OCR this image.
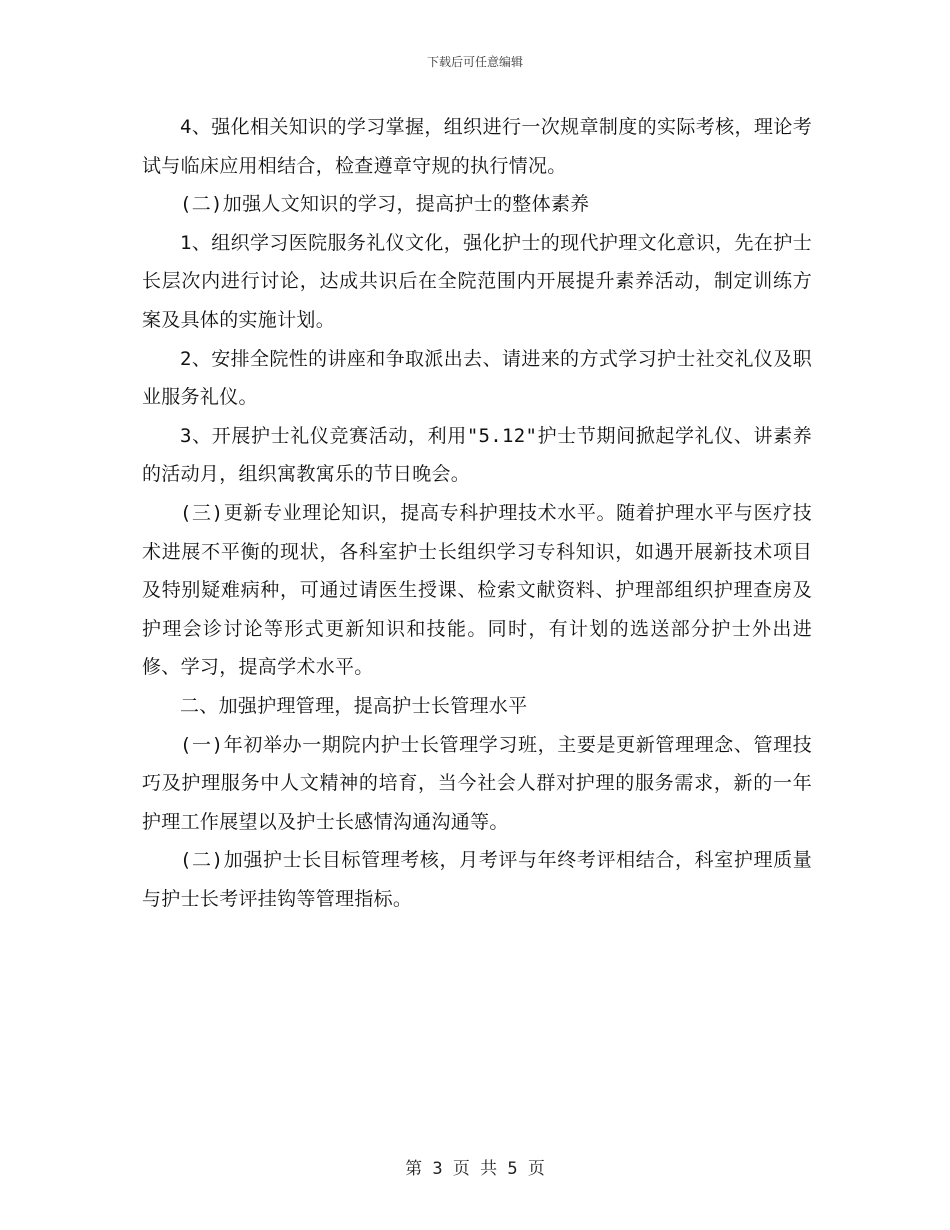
下载后可任意编辑

4、强化相关知识的学习掌握，组织进行一次规章制度的实际考核，理论考试与临床应用相结合，检查遵章守规的执行情况。

(二)加强人文知识的学习，提高护士的整体素养

1、组织学习医院服务礼仪文化，强化护士的现代护理文化意识，先在护士长层次内进行讨论，达成共识后在全院范围内开展提升素养活动，制定训练方案及具体的实施计划。

2、安排全院性的讲座和争取派出去、请进来的方式学习护士社交礼仪及职业服务礼仪。

3、开展护士礼仪竞赛活动，利用"5.12"护士节期间掀起学礼仪、讲素养的活动月，组织寓教寓乐的节日晚会。

(三)更新专业理论知识，提高专科护理技术水平。随着护理水平与医疗技术进展不平衡的现状，各科室护士长组织学习专科知识，如遇开展新技术项目及特别疑难病种，可通过请医生授课、检索文献资料、护理部组织护理查房及护理会诊讨论等形式更新知识和技能。同时，有计划的选送部分护士外出进修、学习，提高学术水平。

二、加强护理管理，提高护士长管理水平

(一)年初举办一期院内护士长管理学习班，主要是更新管理理念、管理技巧及护理服务中人文精神的培育，当今社会人群对护理的服务需求，新的一年护理工作展望以及护士长感情沟通沟通等。

(二)加强护士长目标管理考核，月考评与年终考评相结合，科室护理质量与护士长考评挂钩等管理指标。

第 3 页 共 5 页
